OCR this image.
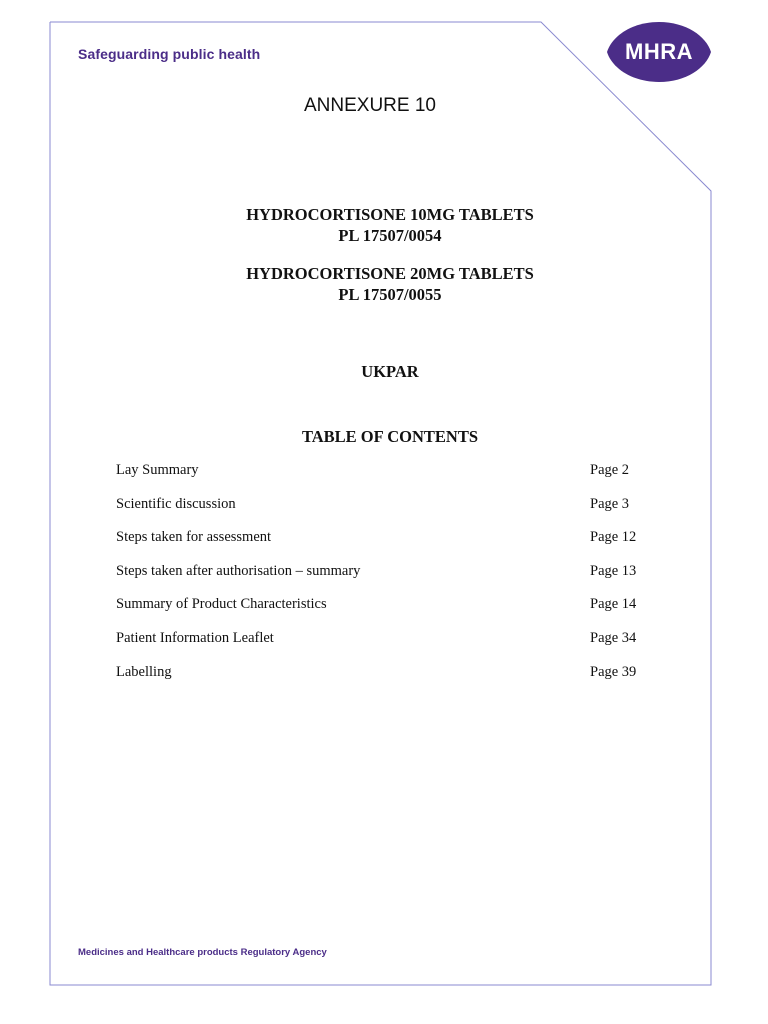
Safeguarding public health	MHRA
ANNEXURE 10
HYDROCORTISONE 10MG TABLETS
PL 17507/0054
HYDROCORTISONE 20MG TABLETS
PL 17507/0055
UKPAR
TABLE OF CONTENTS
Lay Summary	Page 2
Scientific discussion	Page 3
Steps taken for assessment	Page 12
Steps taken after authorisation – summary	Page 13
Summary of Product Characteristics	Page 14
Patient Information Leaflet	Page 34
Labelling	Page 39
Medicines and Healthcare products Regulatory Agency
